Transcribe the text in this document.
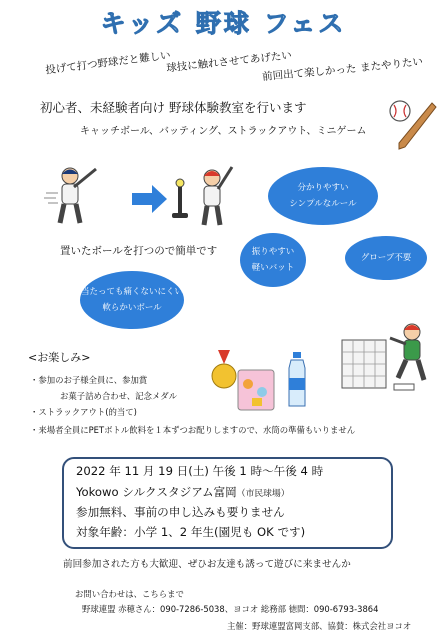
キッズ 野球 フェス
投げて打つ野球だと難しい
球技に触れさせてあげたい
前回出て楽しかった またやりたい
初心者、未経験者向け 野球体験教室を行います
キャッチボール、バッティング、ストラックアウト、ミニゲーム
分かりやすい
シンプルなルール
振りやすい
軽いバット
グローブ不要
当たっても痛くないにくい
軟らかいボール
置いたボールを打つので簡単です
<お楽しみ>
・参加のお子様全員に、参加賞
お菓子詰め合わせ、記念メダル
・ストラックアウト(的当て)
・来場者全員にPETボトル飲料を１本ずつお配りしますので、水筒の準備もいりません
2022 年 11 月 19 日(土) 午後 1 時～午後 4 時
Yokowo シルクスタジアム富岡（市民球場）
参加無料、事前の申し込みも要りません
対象年齢：小学 1、2 年生(園児も OK です)
前回参加された方も大歓迎、ぜひお友達も誘って遊びに来ませんか
お問い合わせは、こちらまで
野球連盟 赤穂さん：090-7286-5038、ヨコオ 総務部 徳間：090-6793-3864
主催：野球連盟富岡支部、協賛：株式会社ヨコオ
